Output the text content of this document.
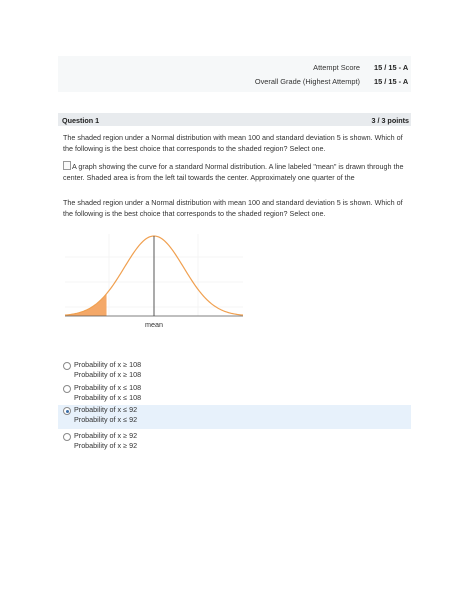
Attempt Score 15 / 15 - A
Overall Grade (Highest Attempt) 15 / 15 - A
Question 1	3 / 3 points
The shaded region under a Normal distribution with mean 100 and standard deviation 5 is shown. Which of
the following is the best choice that corresponds to the shaded region? Select one.
A graph showing the curve for a standard Normal distribution. A line labeled "mean" is drawn through the
center. Shaded area is from the left tail towards the center. Approximately one quarter of the
The shaded region under a Normal distribution with mean 100 and standard deviation 5 is shown. Which of
the following is the best choice that corresponds to the shaded region? Select one.
mean
Probability of x ≥ 108
Probability of x ≥ 108
Probability of x ≤ 108
Probability of x ≤ 108
Probability of x ≤ 92
Probability of x ≤ 92
Probability of x ≥ 92
Probability of x ≥ 92
